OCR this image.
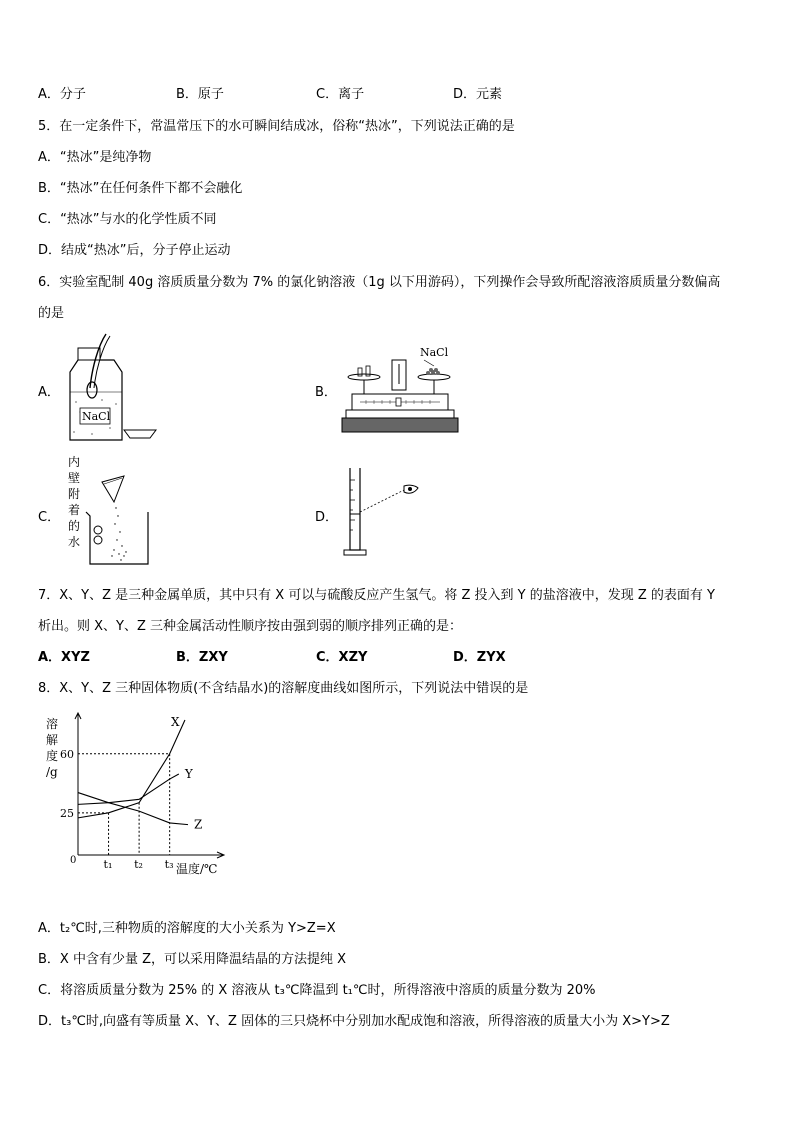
A．分子	B．原子	C．离子	D．元素
5．在一定条件下，常温常压下的水可瞬间结成冰，俗称“热冰”，下列说法正确的是
A．“热冰”是纯净物
B．“热冰”在任何条件下都不会融化
C．“热冰”与水的化学性质不同
D．结成“热冰”后，分子停止运动
6．实验室配制 40g 溶质质量分数为 7% 的氯化钠溶液（1g 以下用游码），下列操作会导致所配溶液溶质质量分数偏高
的是
A．	B．
C．	D．
NaCl
NaCl
内
壁
附
着
的
水
7．X、Y、Z 是三种金属单质，其中只有 X 可以与硫酸反应产生氢气。将 Z 投入到 Y 的盐溶液中，发现 Z 的表面有 Y
析出。则 X、Y、Z 三种金属活动性顺序按由强到弱的顺序排列正确的是：
A．XYZ	B．ZXY	C．XZY	D．ZYX
8．X、Y、Z 三种固体物质(不含结晶水)的溶解度曲线如图所示，下列说法中错误的是
溶
解
度
/g
0
25
60
t₁ t₂ t₃ 温度/℃
X
Y
Z
A．t₂℃时,三种物质的溶解度的大小关系为 Y>Z=X
B．X 中含有少量 Z，可以采用降温结晶的方法提纯 X
C．将溶质质量分数为 25% 的 X 溶液从 t₃℃降温到 t₁℃时，所得溶液中溶质的质量分数为 20%
D．t₃℃时,向盛有等质量 X、Y、Z 固体的三只烧杯中分别加水配成饱和溶液，所得溶液的质量大小为 X>Y>Z
